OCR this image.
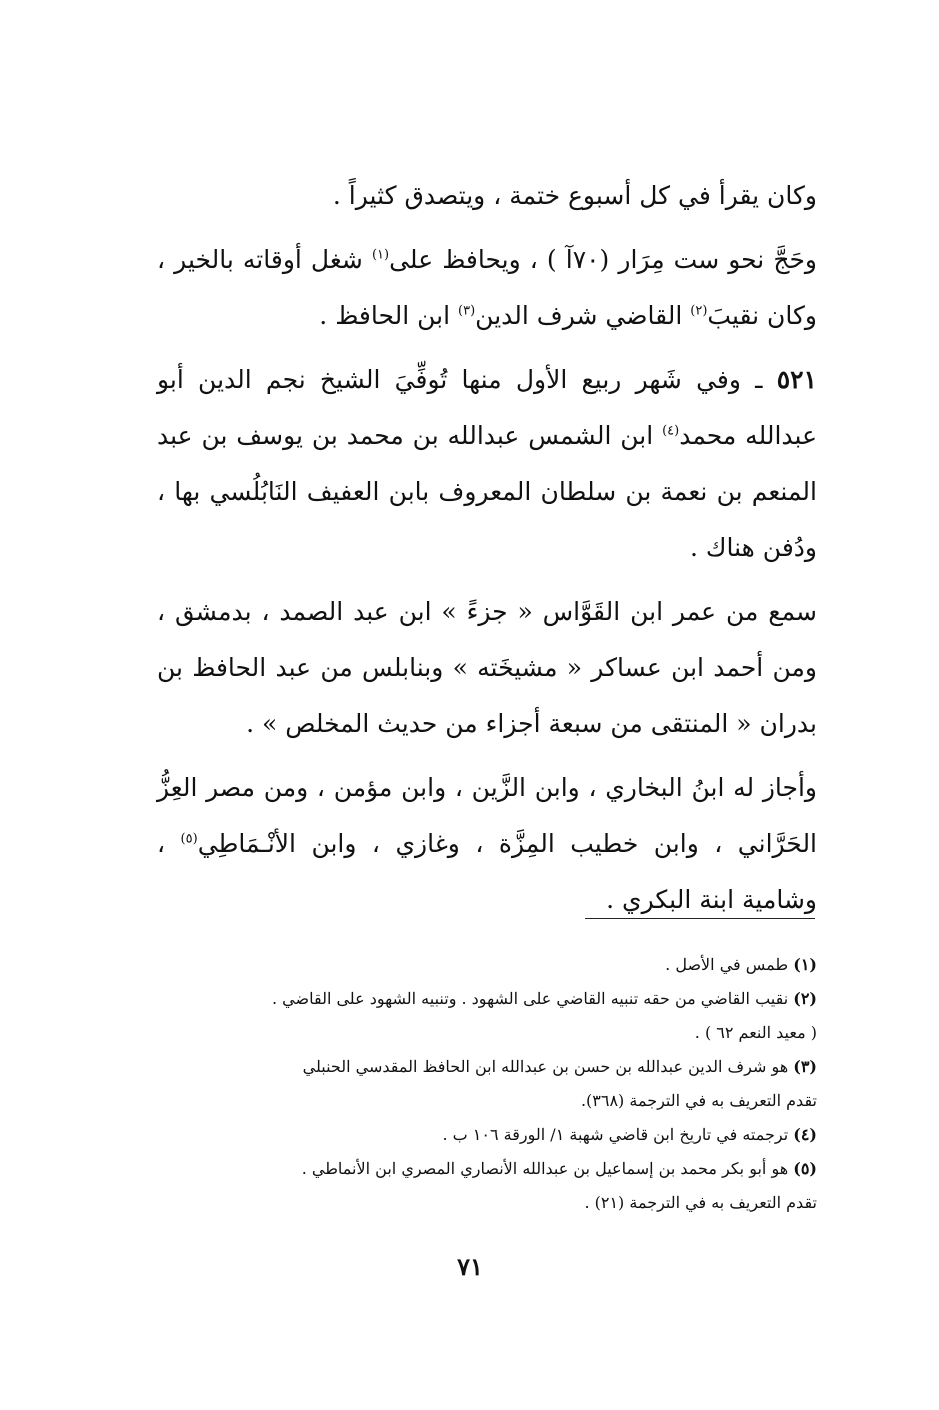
وكان يقرأ في كل أسبوع ختمة ، ويتصدق كثيراً .

وحَجَّ نحو ست مِرَار (٧٠آ ) ، ويحافظ على$^{(١)}$ شغل أوقاته بالخير ، وكان نقيبَ$^{(٢)}$ القاضي شرف الدين$^{(٣)}$ ابن الحافظ .

٥٢١ ـ وفي شَهر ربيع الأول منها تُوفِّيَ الشيخ نجم الدين أبو عبدالله محمد$^{(٤)}$ ابن الشمس عبدالله بن محمد بن يوسف بن عبد المنعم بن نعمة بن سلطان المعروف بابن العفيف النَابُلُسي بها ، ودُفن هناك .

سمع من عمر ابن القَوَّاس « جزءً » ابن عبد الصمد ، بدمشق ، ومن أحمد ابن عساكر « مشيخَته » وبنابلس من عبد الحافظ بن بدران « المنتقى من سبعة أجزاء من حديث المخلص » .

وأجاز له ابنُ البخاري ، وابن الزَّين ، وابن مؤمن ، ومن مصر العِزُّ الحَرَّاني ، وابن خطيب المِزَّة ، وغازي ، وابن الأنْـمَاطِي$^{(٥)}$ ، وشامية ابنة البكري .

(١) طمس في الأصل .
(٢) نقيب القاضي من حقه تنبيه القاضي على الشهود . وتنبيه الشهود على القاضي .
( معيد النعم ٦٢ ) .
(٣) هو شرف الدين عبدالله بن حسن بن عبدالله ابن الحافظ المقدسي الحنبلي
تقدم التعريف به في الترجمة (٣٦٨).
(٤) ترجمته في تاريخ ابن قاضي شهبة ١/ الورقة ١٠٦ ب .
(٥) هو أبو بكر محمد بن إسماعيل بن عبدالله الأنصاري المصري ابن الأنماطي .
تقدم التعريف به في الترجمة (٢١) .
٧١
